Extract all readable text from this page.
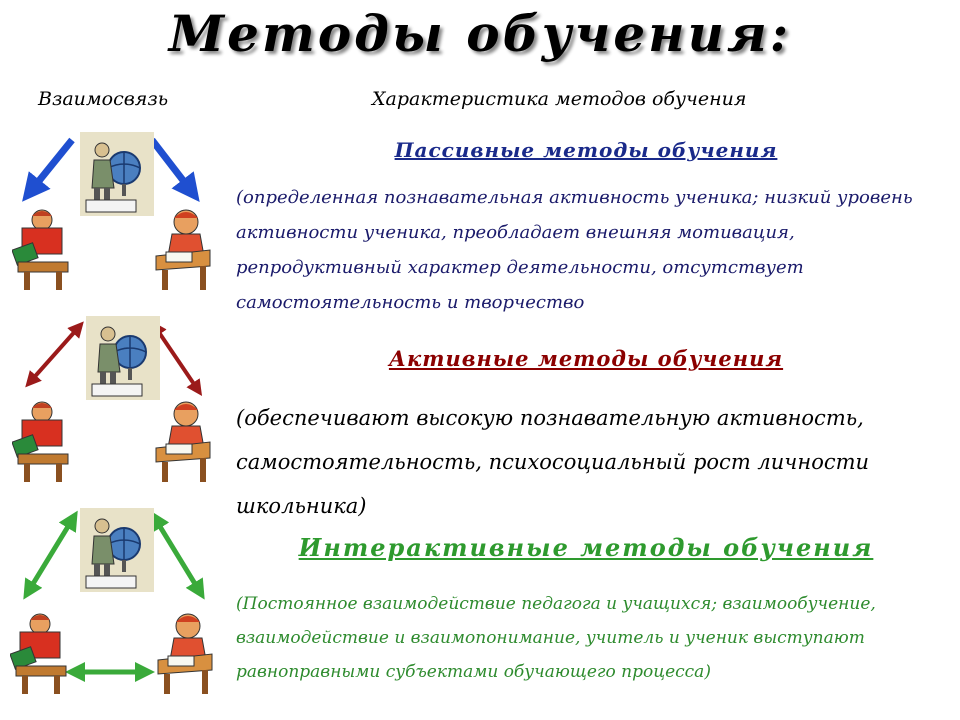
Методы обучения:
Взаимосвязь	Характеристика методов обучения
Пассивные методы обучения
(определенная познавательная активность ученика; низкий уровень активности ученика, преобладает внешняя мотивация, репродуктивный характер деятельности, отсутствует самостоятельность и творчество
Активные методы обучения
(обеспечивают высокую познавательную активность, самостоятельность, психосоциальный рост личности школьника)
Интерактивные методы обучения
(Постоянное взаимодействие педагога и учащихся; взаимообучение, взаимодействие и взаимопонимание, учитель и ученик выступают равноправными субъектами обучающего процесса)
